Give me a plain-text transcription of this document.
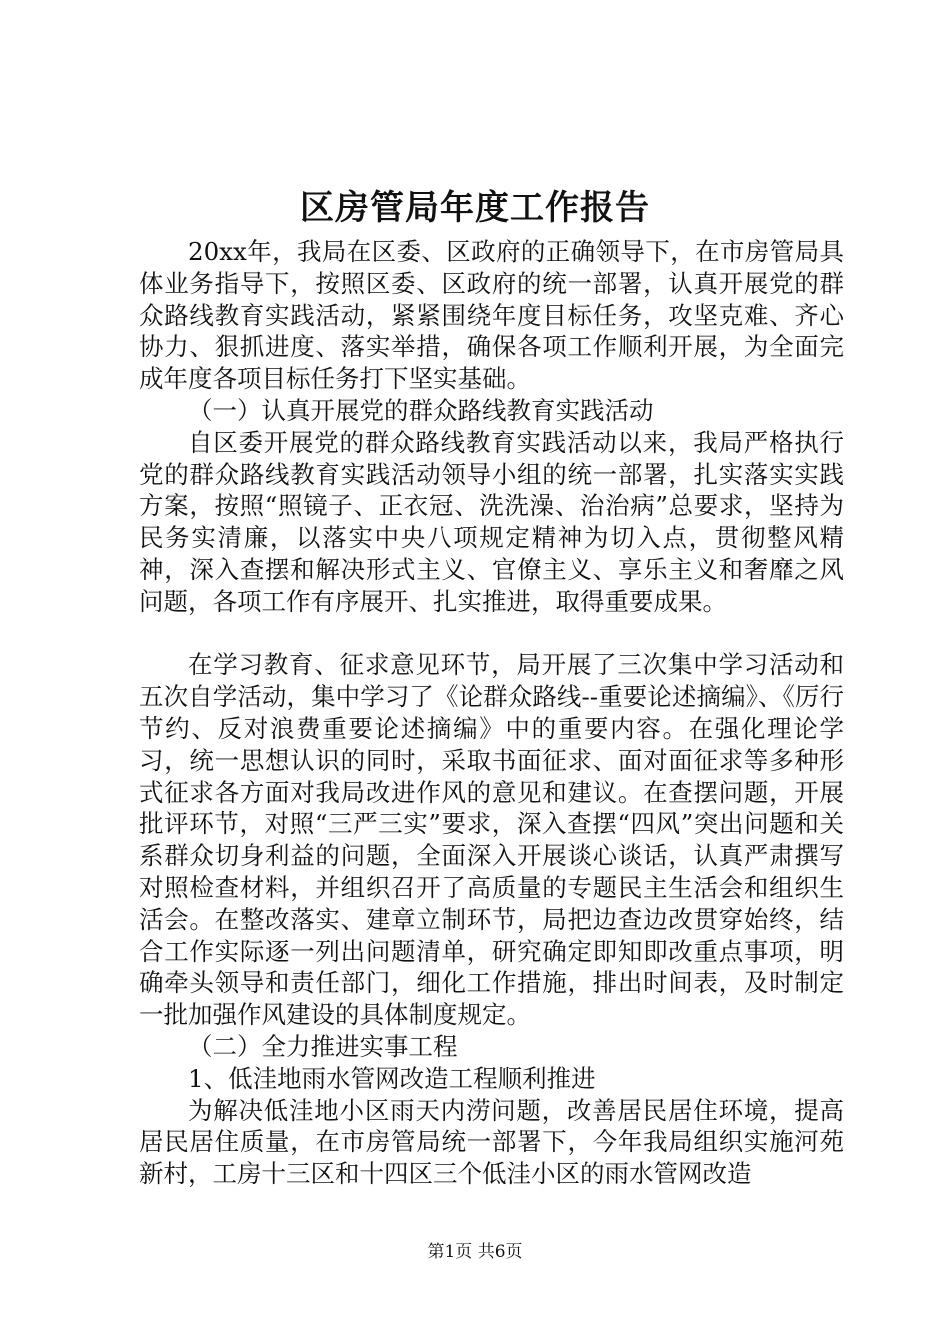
区房管局年度工作报告

20xx年，我局在区委、区政府的正确领导下，在市房管局具体业务指导下，按照区委、区政府的统一部署，认真开展党的群众路线教育实践活动，紧紧围绕年度目标任务，攻坚克难、齐心协力、狠抓进度、落实举措，确保各项工作顺利开展，为全面完成年度各项目标任务打下坚实基础。

（一）认真开展党的群众路线教育实践活动

自区委开展党的群众路线教育实践活动以来，我局严格执行党的群众路线教育实践活动领导小组的统一部署，扎实落实实践方案，按照“照镜子、正衣冠、洗洗澡、治治病”总要求，坚持为民务实清廉，以落实中央八项规定精神为切入点，贯彻整风精神，深入查摆和解决形式主义、官僚主义、享乐主义和奢靡之风问题，各项工作有序展开、扎实推进，取得重要成果。

在学习教育、征求意见环节，局开展了三次集中学习活动和五次自学活动，集中学习了《论群众路线--重要论述摘编》、《厉行节约、反对浪费重要论述摘编》中的重要内容。在强化理论学习，统一思想认识的同时，采取书面征求、面对面征求等多种形式征求各方面对我局改进作风的意见和建议。在查摆问题，开展批评环节，对照“三严三实”要求，深入查摆“四风”突出问题和关系群众切身利益的问题，全面深入开展谈心谈话，认真严肃撰写对照检查材料，并组织召开了高质量的专题民主生活会和组织生活会。在整改落实、建章立制环节，局把边查边改贯穿始终，结合工作实际逐一列出问题清单，研究确定即知即改重点事项，明确牵头领导和责任部门，细化工作措施，排出时间表，及时制定一批加强作风建设的具体制度规定。

（二）全力推进实事工程

1、低洼地雨水管网改造工程顺利推进

为解决低洼地小区雨天内涝问题，改善居民居住环境，提高居民居住质量，在市房管局统一部署下，今年我局组织实施河苑新村，工房十三区和十四区三个低洼小区的雨水管网改造

第1页 共6页
